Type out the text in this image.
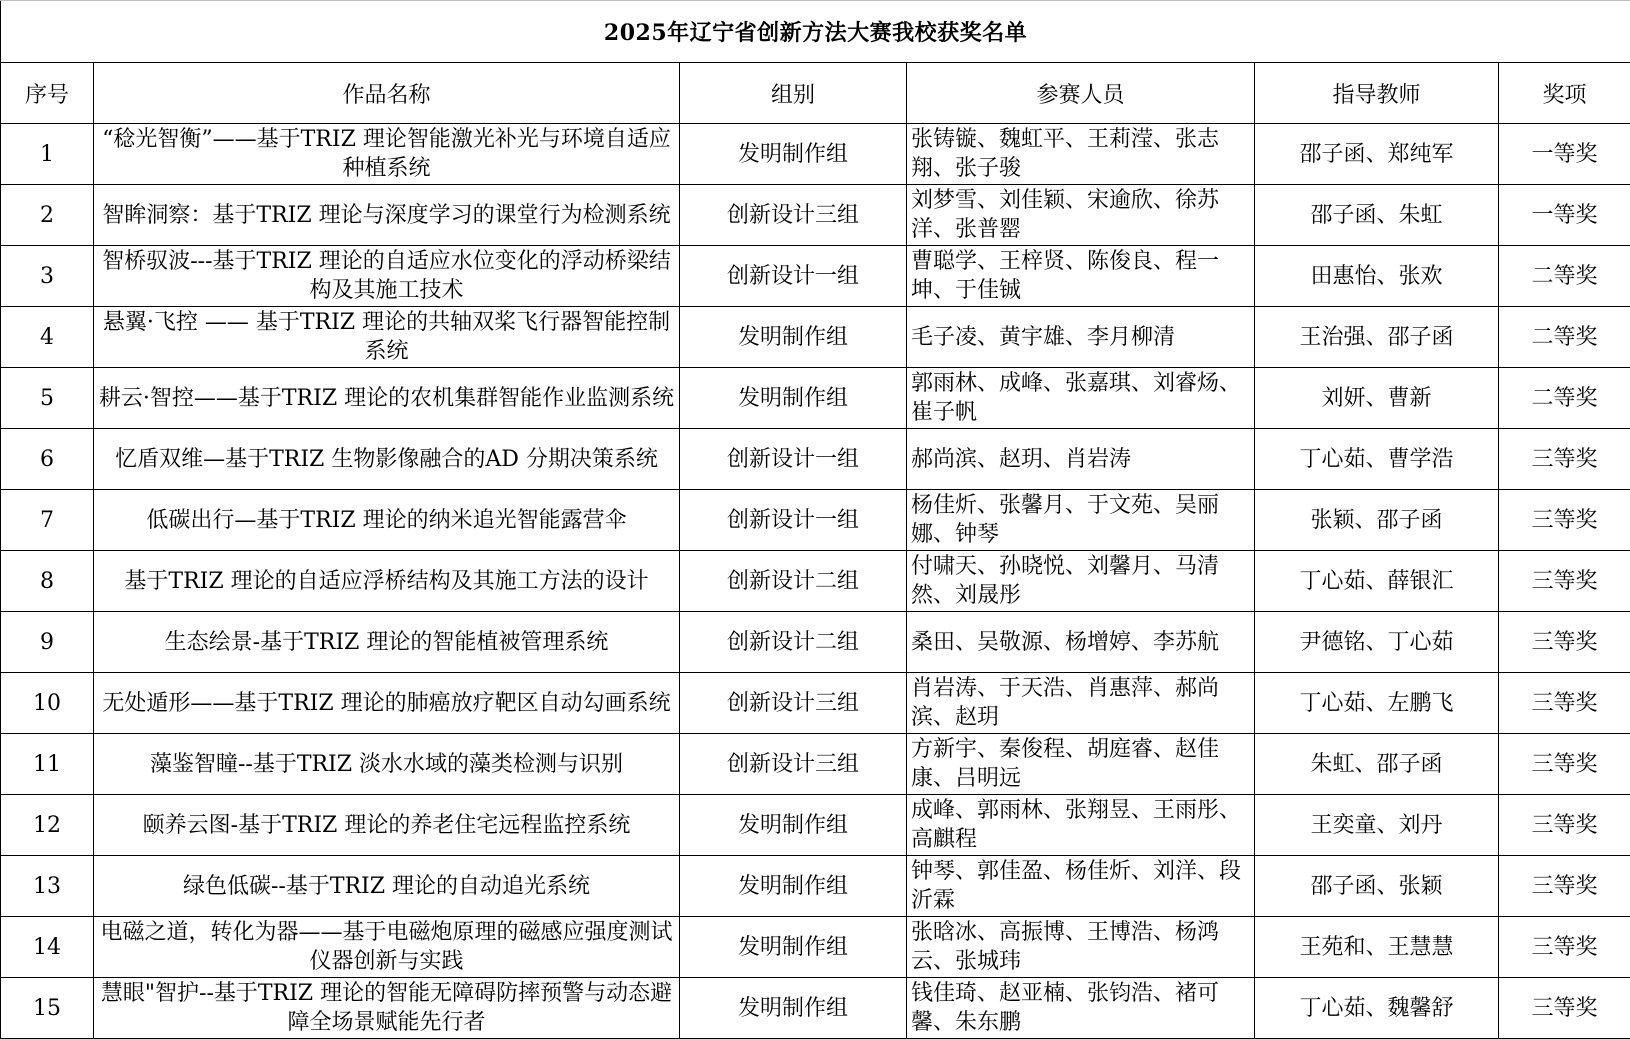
2025年辽宁省创新方法大赛我校获奖名单					
序号	作品名称	组别	参赛人员	指导教师	奖项
1	“稔光智衡”——基于TRIZ 理论智能激光补光与环境自适应种植系统	发明制作组	张铸镟、魏虹平、王莉滢、张志翔、张子骏	邵子函、郑纯军	一等奖
2	智眸洞察：基于TRIZ 理论与深度学习的课堂行为检测系统	创新设计三组	刘梦雪、刘佳颖、宋逾欣、徐苏洋、张普罂	邵子函、朱虹	一等奖
3	智桥驭波---基于TRIZ 理论的自适应水位变化的浮动桥梁结构及其施工技术	创新设计一组	曹聪学、王梓贤、陈俊良、程一坤、于佳铖	田惠怡、张欢	二等奖
4	悬翼·飞控 —— 基于TRIZ 理论的共轴双桨飞行器智能控制系统	发明制作组	毛子凌、黄宇雄、李月柳清	王治强、邵子函	二等奖
5	耕云·智控——基于TRIZ 理论的农机集群智能作业监测系统	发明制作组	郭雨林、成峰、张嘉琪、刘睿炀、崔子帆	刘妍、曹新	二等奖
6	忆盾双维—基于TRIZ 生物影像融合的AD 分期决策系统	创新设计一组	郝尚滨、赵玥、肖岩涛	丁心茹、曹学浩	三等奖
7	低碳出行—基于TRIZ 理论的纳米追光智能露营伞	创新设计一组	杨佳炘、张馨月、于文苑、吴丽娜、钟琴	张颖、邵子函	三等奖
8	基于TRIZ 理论的自适应浮桥结构及其施工方法的设计	创新设计二组	付啸天、孙晓悦、刘馨月、马清然、刘晟彤	丁心茹、薛银汇	三等奖
9	生态绘景-基于TRIZ 理论的智能植被管理系统	创新设计二组	桑田、吴敬源、杨增婷、李苏航	尹德铭、丁心茹	三等奖
10	无处遁形——基于TRIZ 理论的肺癌放疗靶区自动勾画系统	创新设计三组	肖岩涛、于天浩、肖惠萍、郝尚滨、赵玥	丁心茹、左鹏飞	三等奖
11	藻鉴智瞳--基于TRIZ 淡水水域的藻类检测与识别	创新设计三组	方新宇、秦俊程、胡庭睿、赵佳康、吕明远	朱虹、邵子函	三等奖
12	颐养云图-基于TRIZ 理论的养老住宅远程监控系统	发明制作组	成峰、郭雨林、张翔昱、王雨彤、高麒程	王奕童、刘丹	三等奖
13	绿色低碳--基于TRIZ 理论的自动追光系统	发明制作组	钟琴、郭佳盈、杨佳炘、刘洋、段沂霖	邵子函、张颖	三等奖
14	电磁之道，转化为器——基于电磁炮原理的磁感应强度测试仪器创新与实践	发明制作组	张晗冰、高振博、王博浩、杨鸿云、张城玮	王苑和、王慧慧	三等奖
15	慧眼"智护--基于TRIZ 理论的智能无障碍防摔预警与动态避障全场景赋能先行者	发明制作组	钱佳琦、赵亚楠、张钧浩、褚可馨、朱东鹏	丁心茹、魏馨舒	三等奖
